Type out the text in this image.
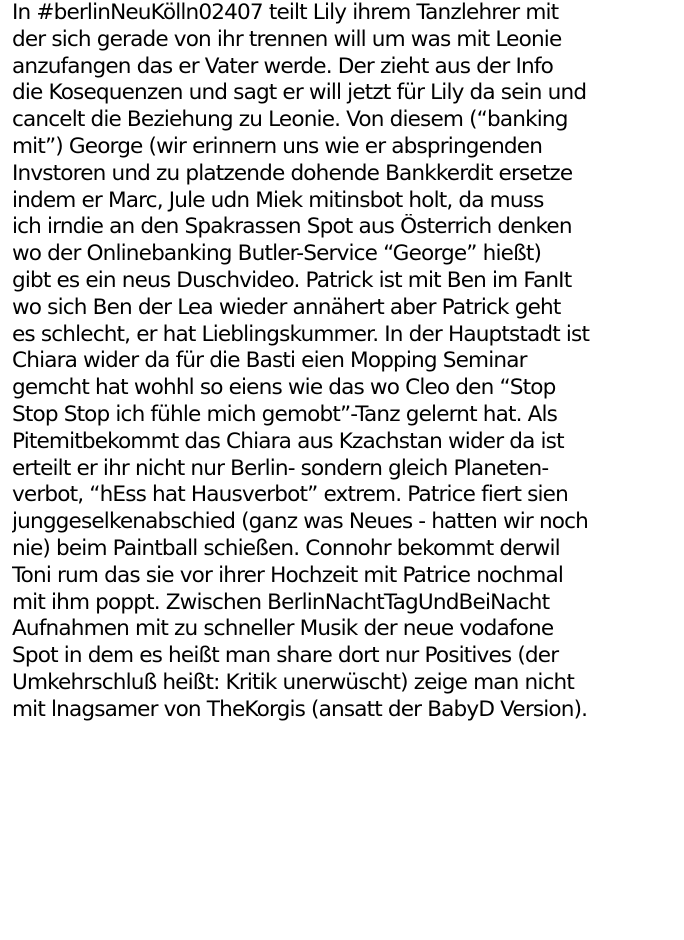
In #berlinNeuKölln02407 teilt Lily ihrem Tanzlehrer mit
der sich gerade von ihr trennen will um was mit Leonie
anzufangen das er Vater werde. Der zieht aus der Info
die Kosequenzen und sagt er will jetzt für Lily da sein und
cancelt die Beziehung zu Leonie. Von diesem (“banking
mit”) George (wir erinnern uns wie er abspringenden
Invstoren und zu platzende dohende Bankkerdit ersetze
indem er Marc, Jule udn Miek mitinsbot holt, da muss
ich irndie an den Spakrassen Spot aus Österrich denken
wo der Onlinebanking Butler-Service “George” hießt)
gibt es ein neus Duschvideo. Patrick ist mit Ben im FanIt
wo sich Ben der Lea wieder annähert aber Patrick geht
es schlecht, er hat Lieblingskummer. In der Hauptstadt ist
Chiara wider da für die Basti eien Mopping Seminar
gemcht hat wohhl so eiens wie das wo Cleo den “Stop
Stop Stop ich fühle mich gemobt”-Tanz gelernt hat. Als
Pitemitbekommt das Chiara aus Kzachstan wider da ist
erteilt er ihr nicht nur Berlin- sondern gleich Planeten-
verbot, “hEss hat Hausverbot” extrem. Patrice fiert sien
junggeselkenabschied (ganz was Neues - hatten wir noch
nie) beim Paintball schießen. Connohr bekommt derwil
Toni rum das sie vor ihrer Hochzeit mit Patrice nochmal
mit ihm poppt. Zwischen BerlinNachtTagUndBeiNacht
Aufnahmen mit zu schneller Musik der neue vodafone
Spot in dem es heißt man share dort nur Positives (der
Umkehrschluß heißt: Kritik unerwüscht) zeige man nicht
mit lnagsamer von TheKorgis (ansatt der BabyD Version).
